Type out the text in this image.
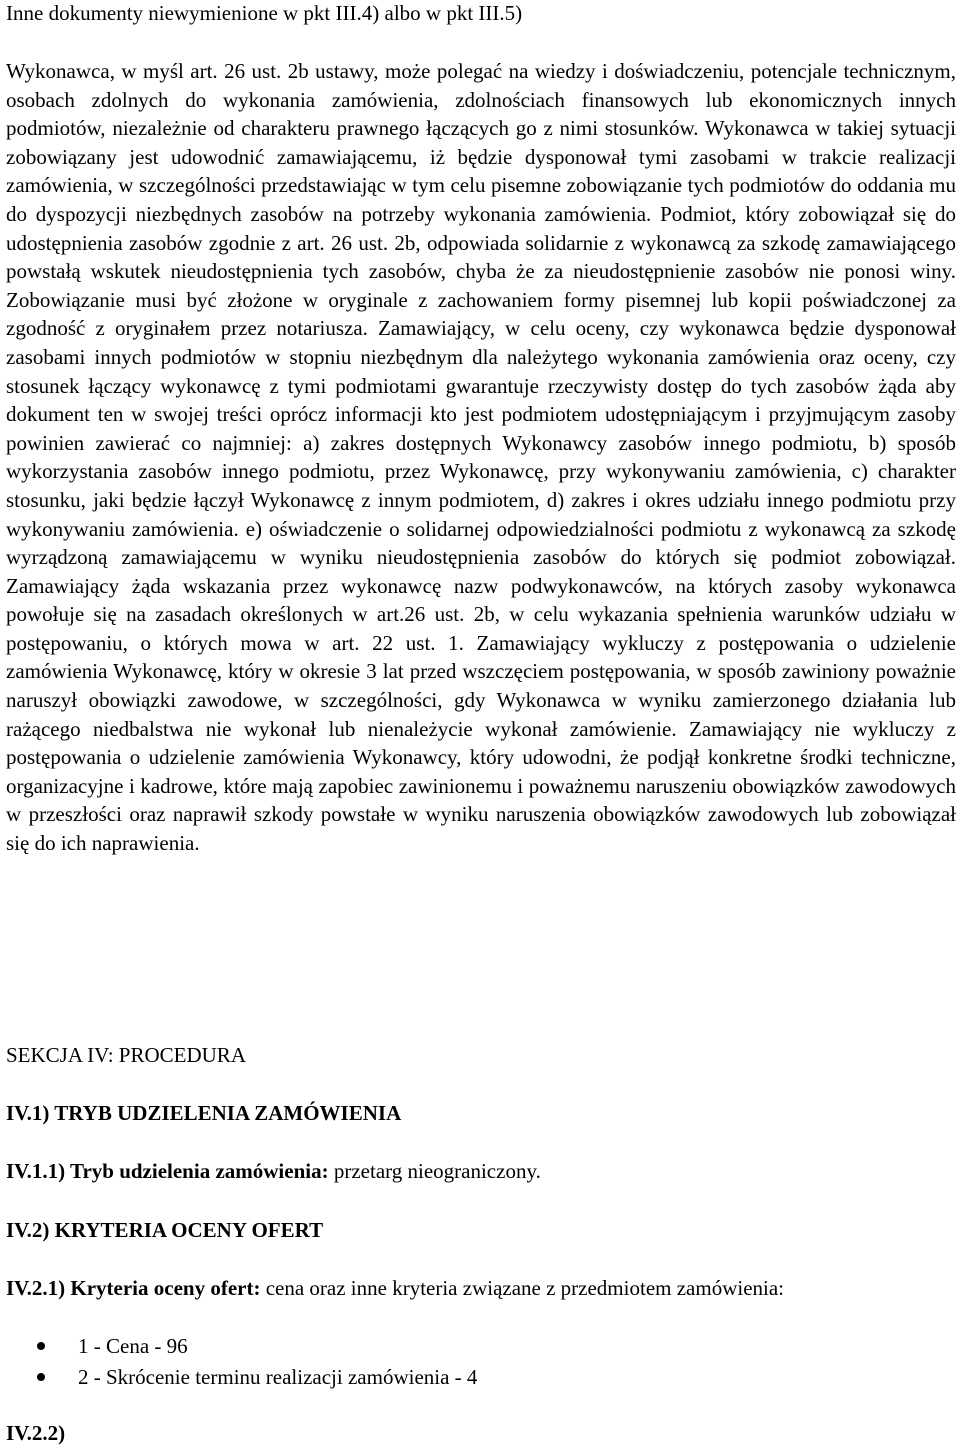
Inne dokumenty niewymienione w pkt III.4) albo w pkt III.5)
Wykonawca, w myśl art. 26 ust. 2b ustawy, może polegać na wiedzy i doświadczeniu, potencjale technicznym, osobach zdolnych do wykonania zamówienia, zdolnościach finansowych lub ekonomicznych innych podmiotów, niezależnie od charakteru prawnego łączących go z nimi stosunków. Wykonawca w takiej sytuacji zobowiązany jest udowodnić zamawiającemu, iż będzie dysponował tymi zasobami w trakcie realizacji zamówienia, w szczególności przedstawiając w tym celu pisemne zobowiązanie tych podmiotów do oddania mu do dyspozycji niezbędnych zasobów na potrzeby wykonania zamówienia. Podmiot, który zobowiązał się do udostępnienia zasobów zgodnie z art. 26 ust. 2b, odpowiada solidarnie z wykonawcą za szkodę zamawiającego powstałą wskutek nieudostępnienia tych zasobów, chyba że za nieudostępnienie zasobów nie ponosi winy. Zobowiązanie musi być złożone w oryginale z zachowaniem formy pisemnej lub kopii poświadczonej za zgodność z oryginałem przez notariusza. Zamawiający, w celu oceny, czy wykonawca będzie dysponował zasobami innych podmiotów w stopniu niezbędnym dla należytego wykonania zamówienia oraz oceny, czy stosunek łączący wykonawcę z tymi podmiotami gwarantuje rzeczywisty dostęp do tych zasobów żąda aby dokument ten w swojej treści oprócz informacji kto jest podmiotem udostępniającym i przyjmującym zasoby powinien zawierać co najmniej: a) zakres dostępnych Wykonawcy zasobów innego podmiotu, b) sposób wykorzystania zasobów innego podmiotu, przez Wykonawcę, przy wykonywaniu zamówienia, c) charakter stosunku, jaki będzie łączył Wykonawcę z innym podmiotem, d) zakres i okres udziału innego podmiotu przy wykonywaniu zamówienia. e) oświadczenie o solidarnej odpowiedzialności podmiotu z wykonawcą za szkodę wyrządzoną zamawiającemu w wyniku nieudostępnienia zasobów do których się podmiot zobowiązał. Zamawiający żąda wskazania przez wykonawcę nazw podwykonawców, na których zasoby wykonawca powołuje się na zasadach określonych w art.26 ust. 2b, w celu wykazania spełnienia warunków udziału w postępowaniu, o których mowa w art. 22 ust. 1. Zamawiający wykluczy z postępowania o udzielenie zamówienia Wykonawcę, który w okresie 3 lat przed wszczęciem postępowania, w sposób zawiniony poważnie naruszył obowiązki zawodowe, w szczególności, gdy Wykonawca w wyniku zamierzonego działania lub rażącego niedbalstwa nie wykonał lub nienależycie wykonał zamówienie. Zamawiający nie wykluczy z postępowania o udzielenie zamówienia Wykonawcy, który udowodni, że podjął konkretne środki techniczne, organizacyjne i kadrowe, które mają zapobiec zawinionemu i poważnemu naruszeniu obowiązków zawodowych w przeszłości oraz naprawił szkody powstałe w wyniku naruszenia obowiązków zawodowych lub zobowiązał się do ich naprawienia.
SEKCJA IV: PROCEDURA
IV.1) TRYB UDZIELENIA ZAMÓWIENIA
IV.1.1) Tryb udzielenia zamówienia: przetarg nieograniczony.
IV.2) KRYTERIA OCENY OFERT
IV.2.1) Kryteria oceny ofert: cena oraz inne kryteria związane z przedmiotem zamówienia:
1 - Cena - 96
2 - Skrócenie terminu realizacji zamówienia - 4
IV.2.2)
